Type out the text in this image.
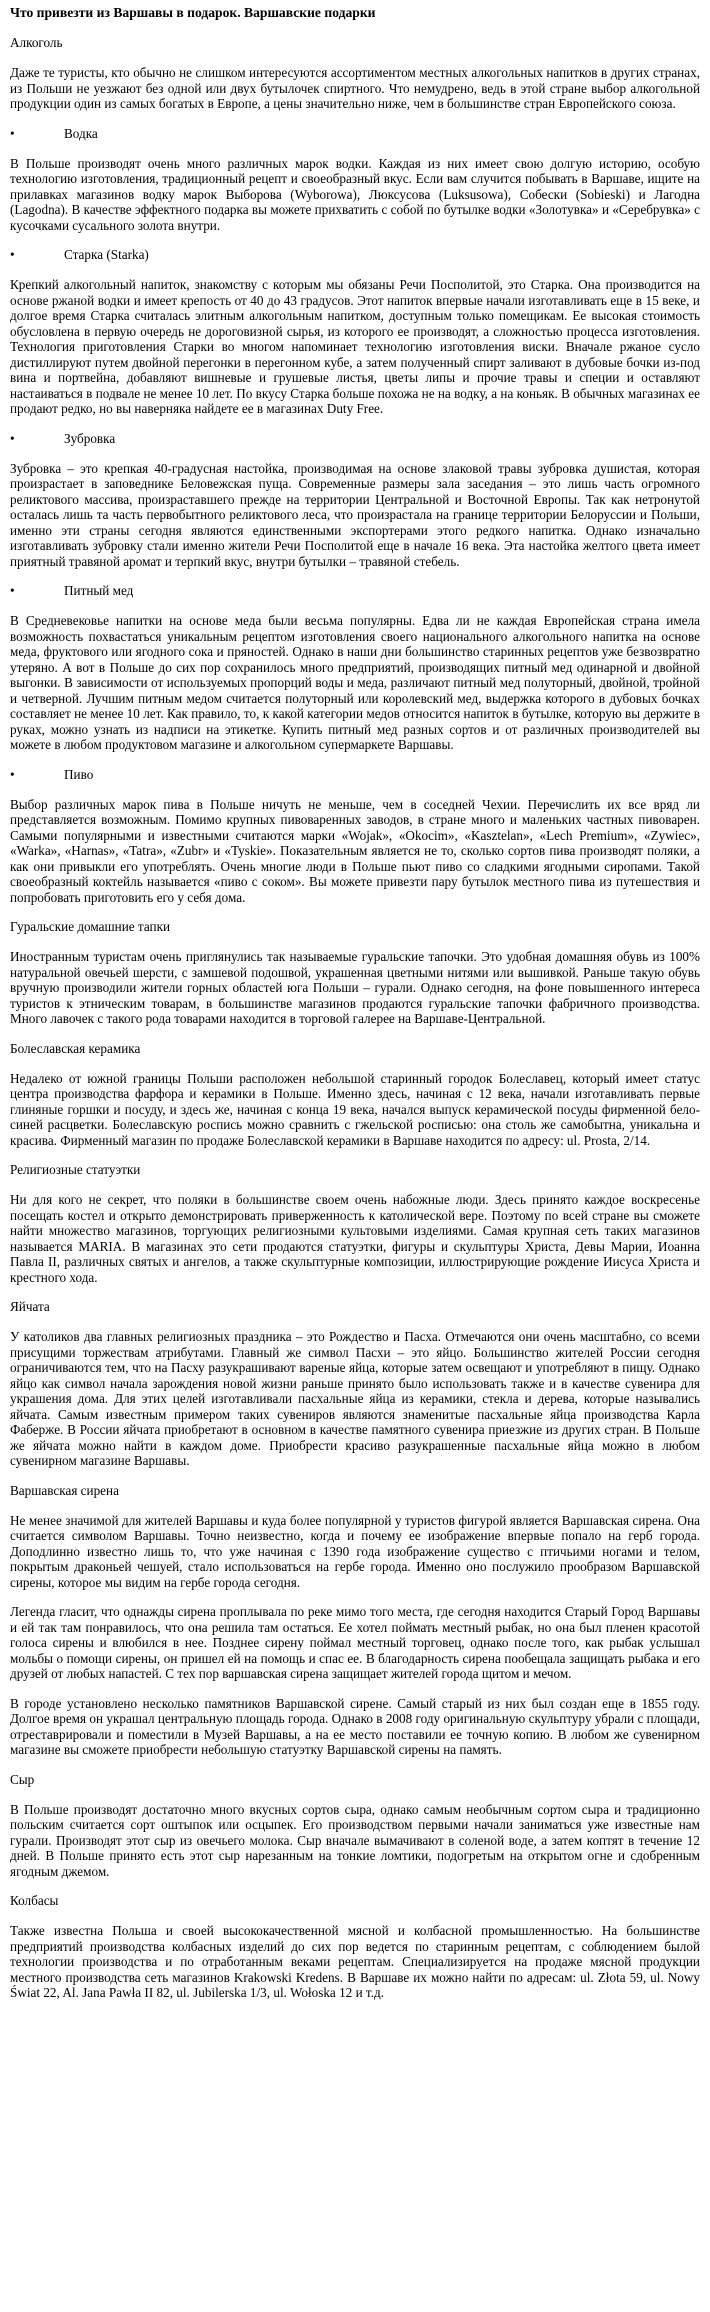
Что привезти из Варшавы в подарок. Варшавские подарки
Алкоголь

Даже те туристы, кто обычно не слишком интересуются ассортиментом местных алкогольных напитков в других странах, из Польши не уезжают без одной или двух бутылочек спиртного. Что немудрено, ведь в этой стране выбор алкогольной продукции один из самых богатых в Европе, а цены значительно ниже, чем в большинстве стран Европейского союза.

•	Водка

В Польше производят очень много различных марок водки. Каждая из них имеет свою долгую историю, особую технологию изготовления, традиционный рецепт и своеобразный вкус. Если вам случится побывать в Варшаве, ищите на прилавках магазинов водку марок Выборова (Wyborowa), Люксусова (Luksusowa), Собески (Sobieski) и Лагодна (Lagodna). В качестве эффектного подарка вы можете прихватить с собой по бутылке водки «Золотувка» и «Серебрувка» с кусочками сусального золота внутри.

•	Старка (Starka)

Крепкий алкогольный напиток, знакомству с которым мы обязаны Речи Посполитой, это Старка. Она производится на основе ржаной водки и имеет крепость от 40 до 43 градусов. Этот напиток впервые начали изготавливать еще в 15 веке, и долгое время Старка считалась элитным алкогольным напитком, доступным только помещикам. Ее высокая стоимость обусловлена в первую очередь не дороговизной сырья, из которого ее производят, а сложностью процесса изготовления. Технология приготовления Старки во многом напоминает технологию изготовления виски. Вначале ржаное сусло дистиллируют путем двойной перегонки в перегонном кубе, а затем полученный спирт заливают в дубовые бочки из-под вина и портвейна, добавляют вишневые и грушевые листья, цветы липы и прочие травы и специи и оставляют настаиваться в подвале не менее 10 лет. По вкусу Старка больше похожа не на водку, а на коньяк. В обычных магазинах ее продают редко, но вы наверняка найдете ее в магазинах Duty Free.

•	Зубровка

Зубровка – это крепкая 40-градусная настойка, производимая на основе злаковой травы зубровка душистая, которая произрастает в заповеднике Беловежская пуща. Современные размеры зала заседания – это лишь часть огромного реликтового массива, произраставшего прежде на территории Центральной и Восточной Европы. Так как нетронутой осталась лишь та часть первобытного реликтового леса, что произрастала на границе территории Белоруссии и Польши, именно эти страны сегодня являются единственными экспортерами этого редкого напитка. Однако изначально изготавливать зубровку стали именно жители Речи Посполитой еще в начале 16 века. Эта настойка желтого цвета имеет приятный травяной аромат и терпкий вкус, внутри бутылки – травяной стебель.

•	Питный мед

В Средневековье напитки на основе меда были весьма популярны. Едва ли не каждая Европейская страна имела возможность похвастаться уникальным рецептом изготовления своего национального алкогольного напитка на основе меда, фруктового или ягодного сока и пряностей. Однако в наши дни большинство старинных рецептов уже безвозвратно утеряно. А вот в Польше до сих пор сохранилось много предприятий, производящих питный мед одинарной и двойной выгонки. В зависимости от используемых пропорций воды и меда, различают питный мед полуторный, двойной, тройной и четверной. Лучшим питным медом считается полуторный или королевский мед, выдержка которого в дубовых бочках составляет не менее 10 лет. Как правило, то, к какой категории медов относится напиток в бутылке, которую вы держите в руках, можно узнать из надписи на этикетке. Купить питный мед разных сортов и от различных производителей вы можете в любом продуктовом магазине и алкогольном супермаркете Варшавы.

•	Пиво

Выбор различных марок пива в Польше ничуть не меньше, чем в соседней Чехии. Перечислить их все вряд ли представляется возможным. Помимо крупных пивоваренных заводов, в стране много и маленьких частных пивоварен. Самыми популярными и известными считаются марки «Wojak», «Okocim», «Kasztelan», «Lech Premium», «Zywiec», «Warka», «Harnas», «Tatra», «Zubr» и «Tyskie». Показательным является не то, сколько сортов пива производят поляки, а как они привыкли его употреблять. Очень многие люди в Польше пьют пиво со сладкими ягодными сиропами. Такой своеобразный коктейль называется «пиво с соком». Вы можете привезти пару бутылок местного пива из путешествия и попробовать приготовить его у себя дома.

Гуральские домашние тапки

Иностранным туристам очень приглянулись так называемые гуральские тапочки. Это удобная домашняя обувь из 100% натуральной овечьей шерсти, с замшевой подошвой, украшенная цветными нитями или вышивкой. Раньше такую обувь вручную производили жители горных областей юга Польши – гурали. Однако сегодня, на фоне повышенного интереса туристов к этническим товарам, в большинстве магазинов продаются гуральские тапочки фабричного производства. Много лавочек с такого рода товарами находится в торговой галерее на Варшаве-Центральной.

Болеславская керамика

Недалеко от южной границы Польши расположен небольшой старинный городок Болеславец, который имеет статус центра производства фарфора и керамики в Польше. Именно здесь, начиная с 12 века, начали изготавливать первые глиняные горшки и посуду, и здесь же, начиная с конца 19 века, начался выпуск керамической посуды фирменной бело-синей расцветки. Болеславскую роспись можно сравнить с гжельской росписью: она столь же самобытна, уникальна и красива. Фирменный магазин по продаже Болеславской керамики в Варшаве находится по адресу: ul. Prosta, 2/14.

Религиозные статуэтки

Ни для кого не секрет, что поляки в большинстве своем очень набожные люди. Здесь принято каждое воскресенье посещать костел и открыто демонстрировать приверженность к католической вере. Поэтому по всей стране вы сможете найти множество магазинов, торгующих религиозными культовыми изделиями. Самая крупная сеть таких магазинов называется MARIA. В магазинах это сети продаются статуэтки, фигуры и скульптуры Христа, Девы Марии, Иоанна Павла II, различных святых и ангелов, а также скульптурные композиции, иллюстрирующие рождение Иисуса Христа и крестного хода.

Яйчата

У католиков два главных религиозных праздника – это Рождество и Пасха. Отмечаются они очень масштабно, со всеми присущими торжествам атрибутами. Главный же символ Пасхи – это яйцо. Большинство жителей России сегодня ограничиваются тем, что на Пасху разукрашивают вареные яйца, которые затем освещают и употребляют в пищу. Однако яйцо как символ начала зарождения новой жизни раньше принято было использовать также и в качестве сувенира для украшения дома. Для этих целей изготавливали пасхальные яйца из керамики, стекла и дерева, которые назывались яйчата. Самым известным примером таких сувениров являются знаменитые пасхальные яйца производства Карла Фаберже. В России яйчата приобретают в основном в качестве памятного сувенира приезжие из других стран. В Польше же яйчата можно найти в каждом доме. Приобрести красиво разукрашенные пасхальные яйца можно в любом сувенирном магазине Варшавы.

Варшавская сирена

Не менее значимой для жителей Варшавы и куда более популярной у туристов фигурой является Варшавская сирена. Она считается символом Варшавы. Точно неизвестно, когда и почему ее изображение впервые попало на герб города. Доподлинно известно лишь то, что уже начиная с 1390 года изображение существо с птичьими ногами и телом, покрытым драконьей чешуей, стало использоваться на гербе города. Именно оно послужило прообразом Варшавской сирены, которое мы видим на гербе города сегодня.

Легенда гласит, что однажды сирена проплывала по реке мимо того места, где сегодня находится Старый Город Варшавы и ей так там понравилось, что она решила там остаться. Ее хотел поймать местный рыбак, но она был пленен красотой голоса сирены и влюбился в нее. Позднее сирену поймал местный торговец, однако после того, как рыбак услышал мольбы о помощи сирены, он пришел ей на помощь и спас ее. В благодарность сирена пообещала защищать рыбака и его друзей от любых напастей. С тех пор варшавская сирена защищает жителей города щитом и мечом.

В городе установлено несколько памятников Варшавской сирене. Самый старый из них был создан еще в 1855 году. Долгое время он украшал центральную площадь города. Однако в 2008 году оригинальную скульптуру убрали с площади, отреставрировали и поместили в Музей Варшавы, а на ее место поставили ее точную копию. В любом же сувенирном магазине вы сможете приобрести небольшую статуэтку Варшавской сирены на память.

Сыр

В Польше производят достаточно много вкусных сортов сыра, однако самым необычным сортом сыра и традиционно польским считается сорт оштыпок или осцыпек. Его производством первыми начали заниматься уже известные нам гурали. Производят этот сыр из овечьего молока. Сыр вначале вымачивают в соленой воде, а затем коптят в течение 12 дней. В Польше принято есть этот сыр нарезанным на тонкие ломтики, подогретым на открытом огне и сдобренным ягодным джемом.

Колбасы

Также известна Польша и своей высококачественной мясной и колбасной промышленностью. На большинстве предприятий производства колбасных изделий до сих пор ведется по старинным рецептам, с соблюдением былой технологии производства и по отработанным веками рецептам. Специализируется на продаже мясной продукции местного производства сеть магазинов Krakowski Kredens. В Варшаве их можно найти по адресам: ul. Złota 59, ul. Nowy Świat 22, Al. Jana Pawła II 82, ul. Jubilerska 1/3, ul. Wołoska 12 и т.д.
